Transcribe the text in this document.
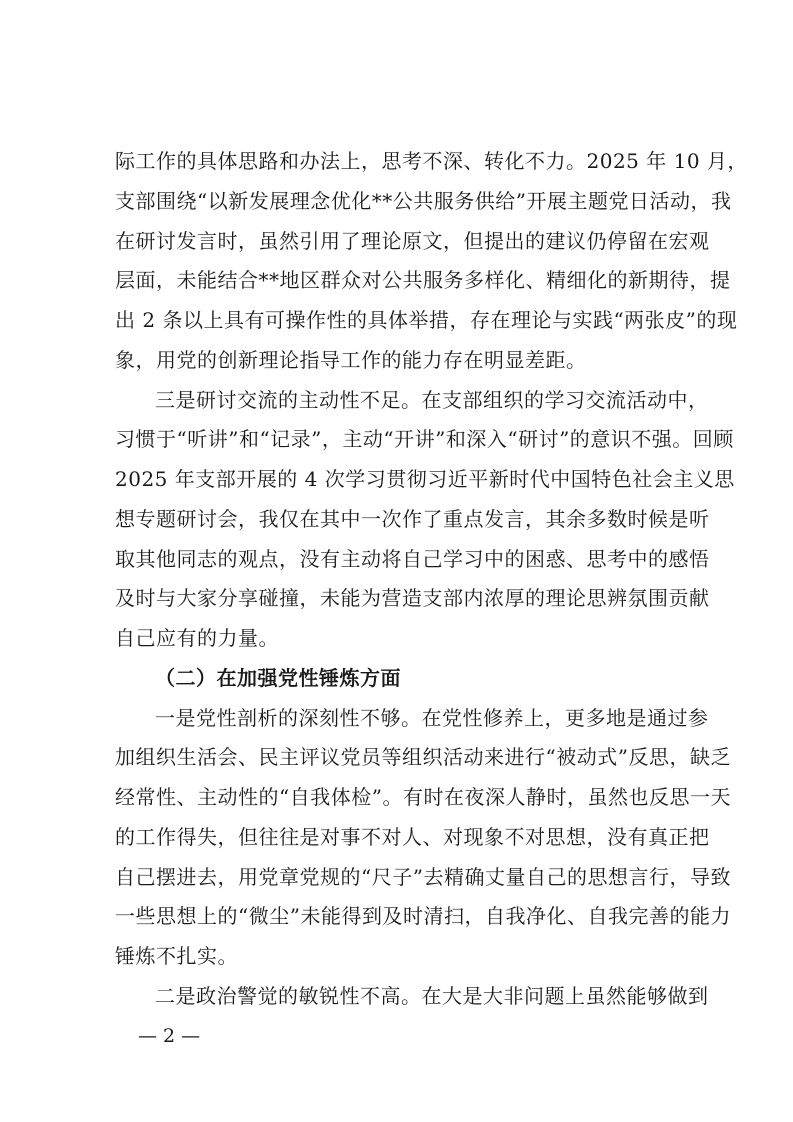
际工作的具体思路和办法上，思考不深、转化不力。2025 年 10 月，
支部围绕“以新发展理念优化**公共服务供给”开展主题党日活动，我
在研讨发言时，虽然引用了理论原文，但提出的建议仍停留在宏观
层面，未能结合**地区群众对公共服务多样化、精细化的新期待，提
出 2 条以上具有可操作性的具体举措，存在理论与实践“两张皮”的现
象，用党的创新理论指导工作的能力存在明显差距。
三是研讨交流的主动性不足。在支部组织的学习交流活动中，
习惯于“听讲”和“记录”，主动“开讲”和深入“研讨”的意识不强。回顾
2025 年支部开展的 4 次学习贯彻习近平新时代中国特色社会主义思
想专题研讨会，我仅在其中一次作了重点发言，其余多数时候是听
取其他同志的观点，没有主动将自己学习中的困惑、思考中的感悟
及时与大家分享碰撞，未能为营造支部内浓厚的理论思辨氛围贡献
自己应有的力量。
（二）在加强党性锤炼方面
一是党性剖析的深刻性不够。在党性修养上，更多地是通过参
加组织生活会、民主评议党员等组织活动来进行“被动式”反思，缺乏
经常性、主动性的“自我体检”。有时在夜深人静时，虽然也反思一天
的工作得失，但往往是对事不对人、对现象不对思想，没有真正把
自己摆进去，用党章党规的“尺子”去精确丈量自己的思想言行，导致
一些思想上的“微尘”未能得到及时清扫，自我净化、自我完善的能力
锤炼不扎实。
二是政治警觉的敏锐性不高。在大是大非问题上虽然能够做到
— 2 —
